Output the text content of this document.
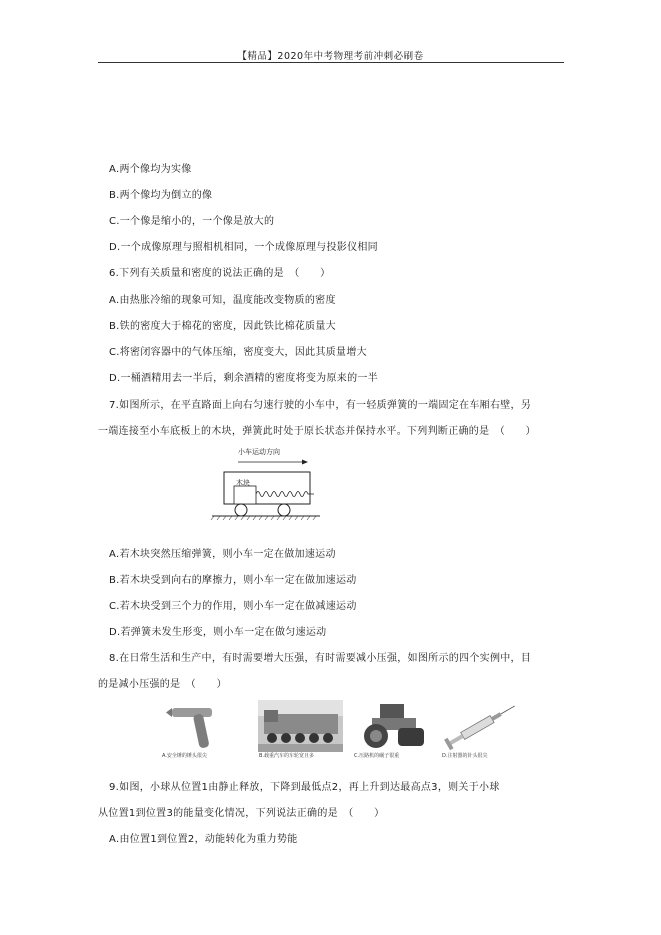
【精品】2020年中考物理考前冲刺必刷卷
A.两个像均为实像
B.两个像均为倒立的像
C.一个像是缩小的，一个像是放大的
D.一个成像原理与照相机相同，一个成像原理与投影仪相同
6.下列有关质量和密度的说法正确的是　（　　）
A.由热胀冷缩的现象可知，温度能改变物质的密度
B.铁的密度大于棉花的密度，因此铁比棉花质量大
C.将密闭容器中的气体压缩，密度变大，因此其质量增大
D.一桶酒精用去一半后，剩余酒精的密度将变为原来的一半
7.如图所示，在平直路面上向右匀速行驶的小车中，有一轻质弹簧的一端固定在车厢右壁，另
一端连接至小车底板上的木块，弹簧此时处于原长状态并保持水平。下列判断正确的是　（　　）
小车运动方向
木块
A.若木块突然压缩弹簧，则小车一定在做加速运动
B.若木块受到向右的摩擦力，则小车一定在做加速运动
C.若木块受到三个力的作用，则小车一定在做减速运动
D.若弹簧未发生形变，则小车一定在做匀速运动
8.在日常生活和生产中，有时需要增大压强，有时需要减小压强，如图所示的四个实例中，目
的是减小压强的是　（　　）
A.安全锤的锤头很尖	B.载重汽车的车轮宽且多	C.压路机的碾子很重	D.注射器的针头很尖
9.如图，小球从位置1由静止释放，下降到最低点2，再上升到达最高点3，则关于小球
从位置1到位置3的能量变化情况，下列说法正确的是　（　　）
A.由位置1到位置2，动能转化为重力势能
